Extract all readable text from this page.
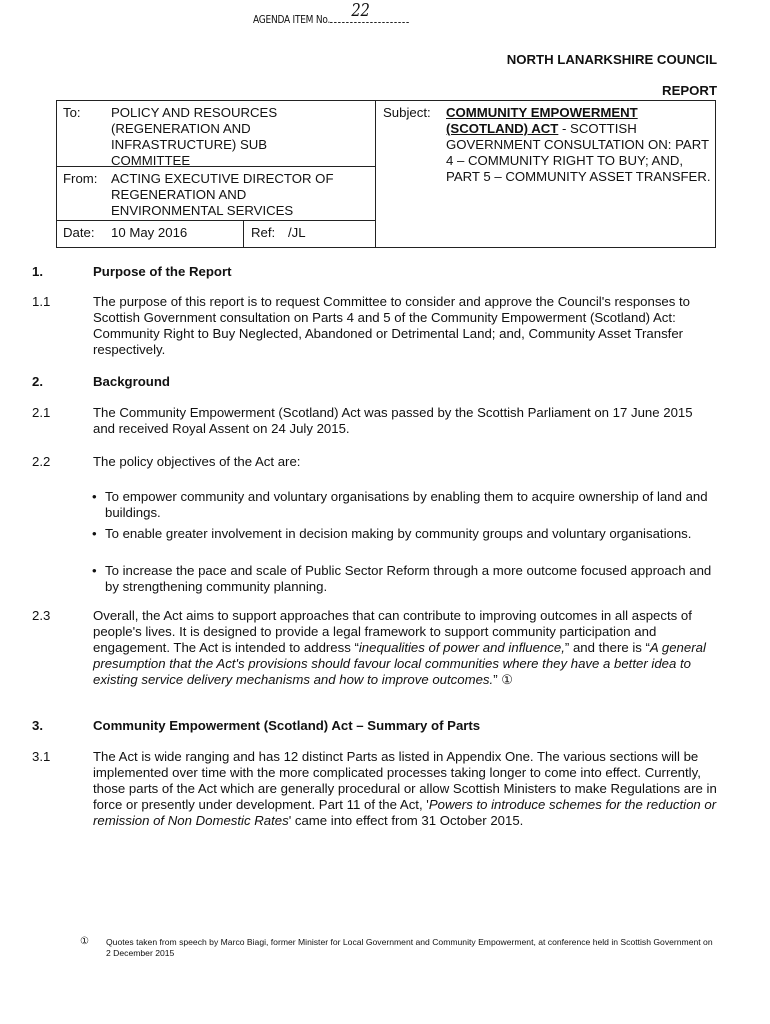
AGENDA ITEM No. 22
NORTH LANARKSHIRE COUNCIL
REPORT
To: POLICY AND RESOURCES
(REGENERATION AND
INFRASTRUCTURE) SUB
COMMITTEE
From: ACTING EXECUTIVE DIRECTOR OF
REGENERATION AND
ENVIRONMENTAL SERVICES
Date: 10 May 2016	Ref: /JL
Subject: COMMUNITY EMPOWERMENT (SCOTLAND) ACT - SCOTTISH GOVERNMENT CONSULTATION ON: PART 4 – COMMUNITY RIGHT TO BUY; AND, PART 5 – COMMUNITY ASSET TRANSFER.
1.	Purpose of the Report
1.1	The purpose of this report is to request Committee to consider and approve the Council's responses to Scottish Government consultation on Parts 4 and 5 of the Community Empowerment (Scotland) Act: Community Right to Buy Neglected, Abandoned or Detrimental Land; and, Community Asset Transfer respectively.
2.	Background
2.1	The Community Empowerment (Scotland) Act was passed by the Scottish Parliament on 17 June 2015 and received Royal Assent on 24 July 2015.
2.2	The policy objectives of the Act are:
• To empower community and voluntary organisations by enabling them to acquire ownership of land and buildings.
• To enable greater involvement in decision making by community groups and voluntary organisations.
• To increase the pace and scale of Public Sector Reform through a more outcome focused approach and by strengthening community planning.
2.3	Overall, the Act aims to support approaches that can contribute to improving outcomes in all aspects of people's lives. It is designed to provide a legal framework to support community participation and engagement. The Act is intended to address “inequalities of power and influence,” and there is “A general presumption that the Act's provisions should favour local communities where they have a better idea to existing service delivery mechanisms and how to improve outcomes.” ①
3.	Community Empowerment (Scotland) Act – Summary of Parts
3.1	The Act is wide ranging and has 12 distinct Parts as listed in Appendix One. The various sections will be implemented over time with the more complicated processes taking longer to come into effect. Currently, those parts of the Act which are generally procedural or allow Scottish Ministers to make Regulations are in force or presently under development. Part 11 of the Act, 'Powers to introduce schemes for the reduction or remission of Non Domestic Rates' came into effect from 31 October 2015.
① Quotes taken from speech by Marco Biagi, former Minister for Local Government and Community Empowerment, at conference held in Scottish Government on 2 December 2015
